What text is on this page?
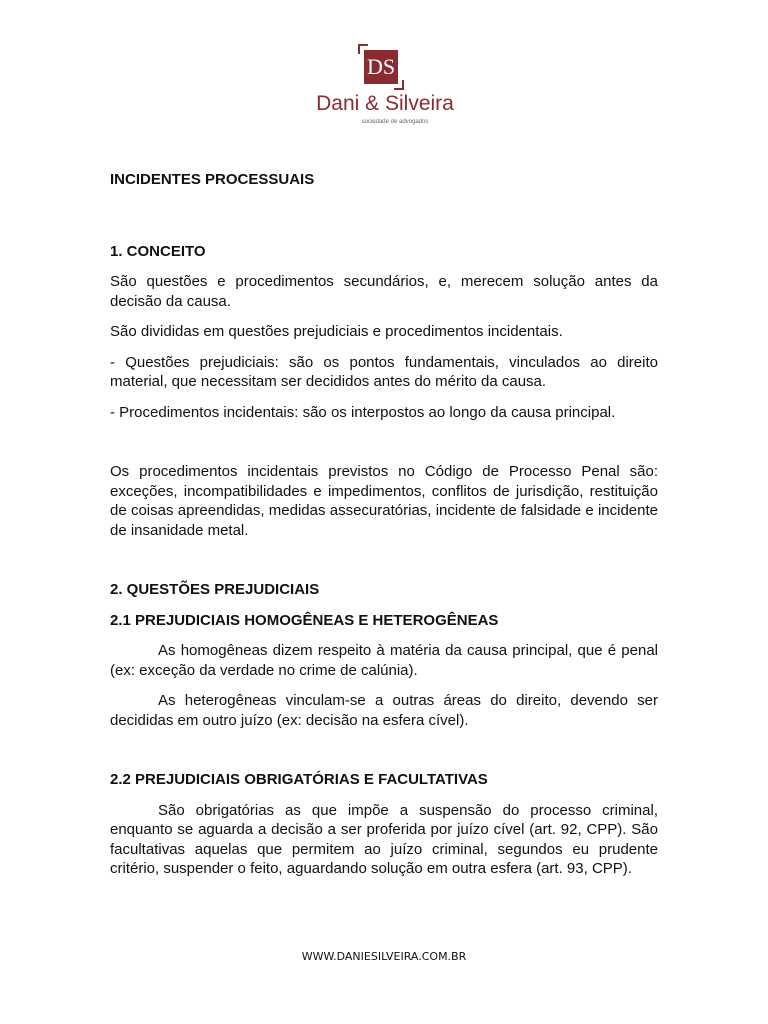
DS
Dani & Silveira
sociedade de advogados
INCIDENTES PROCESSUAIS
1. CONCEITO

São questões e procedimentos secundários, e, merecem solução antes da decisão da causa.

São divididas em questões prejudiciais e procedimentos incidentais.

- Questões prejudiciais: são os pontos fundamentais, vinculados ao direito material, que necessitam ser decididos antes do mérito da causa.

- Procedimentos incidentais: são os interpostos ao longo da causa principal.

Os procedimentos incidentais previstos no Código de Processo Penal são: exceções, incompatibilidades e impedimentos, conflitos de jurisdição, restituição de coisas apreendidas, medidas assecuratórias, incidente de falsidade e incidente de insanidade metal.

2. QUESTÕES PREJUDICIAIS
2.1 PREJUDICIAIS HOMOGÊNEAS E HETEROGÊNEAS

As homogêneas dizem respeito à matéria da causa principal, que é penal (ex: exceção da verdade no crime de calúnia).

As heterogêneas vinculam-se a outras áreas do direito, devendo ser decididas em outro juízo (ex: decisão na esfera cível).

2.2 PREJUDICIAIS OBRIGATÓRIAS E FACULTATIVAS

São obrigatórias as que impõe a suspensão do processo criminal, enquanto se aguarda a decisão a ser proferida por juízo cível (art. 92, CPP). São facultativas aquelas que permitem ao juízo criminal, segundos eu prudente critério, suspender o feito, aguardando solução em outra esfera (art. 93, CPP).

WWW.DANIESILVEIRA.COM.BR
